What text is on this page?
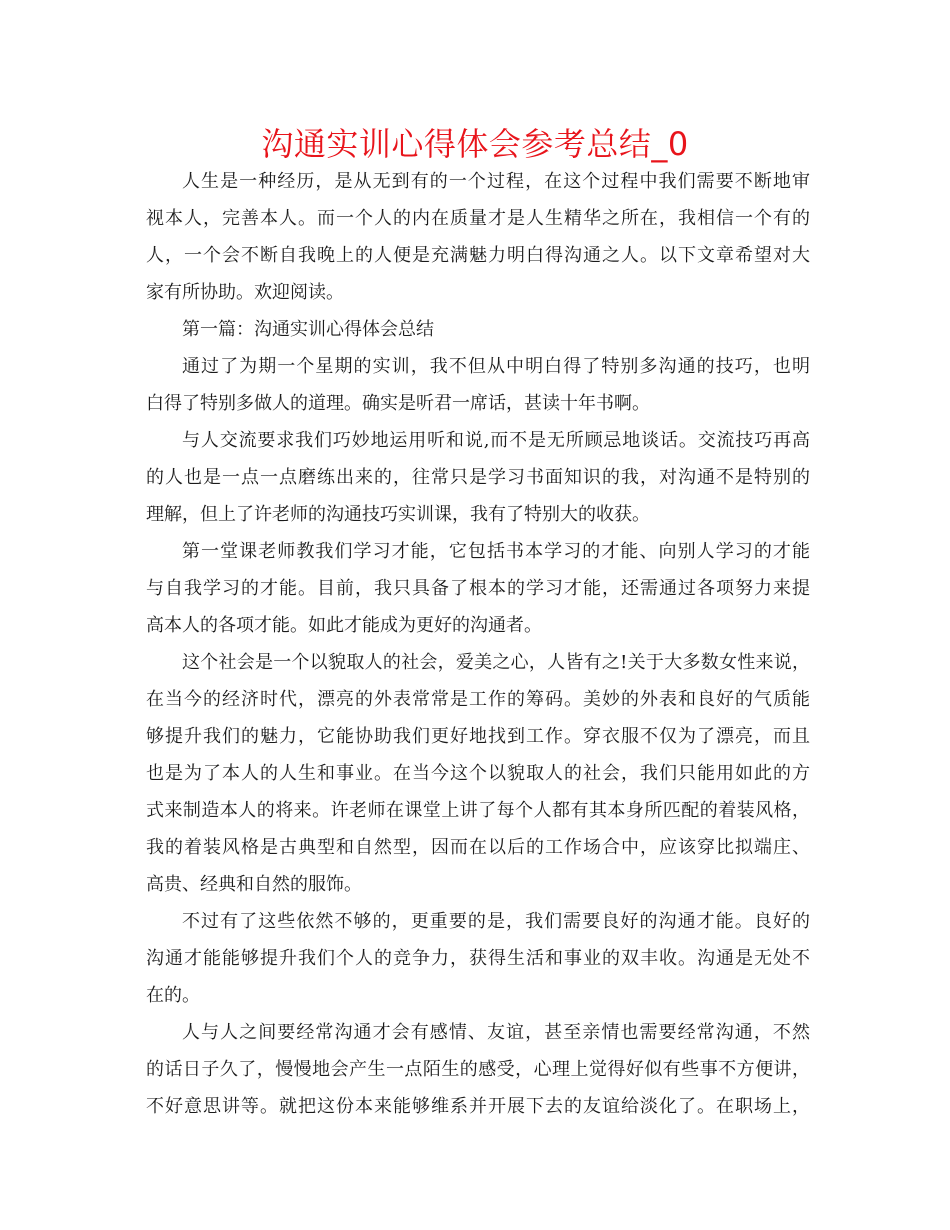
沟通实训心得体会参考总结_0
人生是一种经历，是从无到有的一个过程，在这个过程中我们需要不断地审
视本人，完善本人。而一个人的内在质量才是人生精华之所在，我相信一个有的
人，一个会不断自我晚上的人便是充满魅力明白得沟通之人。以下文章希望对大
家有所协助。欢迎阅读。
第一篇：沟通实训心得体会总结
通过了为期一个星期的实训，我不但从中明白得了特别多沟通的技巧，也明
白得了特别多做人的道理。确实是听君一席话，甚读十年书啊。
与人交流要求我们巧妙地运用听和说,而不是无所顾忌地谈话。交流技巧再高
的人也是一点一点磨练出来的，往常只是学习书面知识的我，对沟通不是特别的
理解，但上了许老师的沟通技巧实训课，我有了特别大的收获。
第一堂课老师教我们学习才能，它包括书本学习的才能、向别人学习的才能
与自我学习的才能。目前，我只具备了根本的学习才能，还需通过各项努力来提
高本人的各项才能。如此才能成为更好的沟通者。
这个社会是一个以貌取人的社会，爱美之心，人皆有之!关于大多数女性来说，
在当今的经济时代，漂亮的外表常常是工作的筹码。美妙的外表和良好的气质能
够提升我们的魅力，它能协助我们更好地找到工作。穿衣服不仅为了漂亮，而且
也是为了本人的人生和事业。在当今这个以貌取人的社会，我们只能用如此的方
式来制造本人的将来。许老师在课堂上讲了每个人都有其本身所匹配的着装风格，
我的着装风格是古典型和自然型，因而在以后的工作场合中，应该穿比拟端庄、
高贵、经典和自然的服饰。
不过有了这些依然不够的，更重要的是，我们需要良好的沟通才能。良好的
沟通才能能够提升我们个人的竞争力，获得生活和事业的双丰收。沟通是无处不
在的。
人与人之间要经常沟通才会有感情、友谊，甚至亲情也需要经常沟通，不然
的话日子久了，慢慢地会产生一点陌生的感受，心理上觉得好似有些事不方便讲，
不好意思讲等。就把这份本来能够维系并开展下去的友谊给淡化了。在职场上，
